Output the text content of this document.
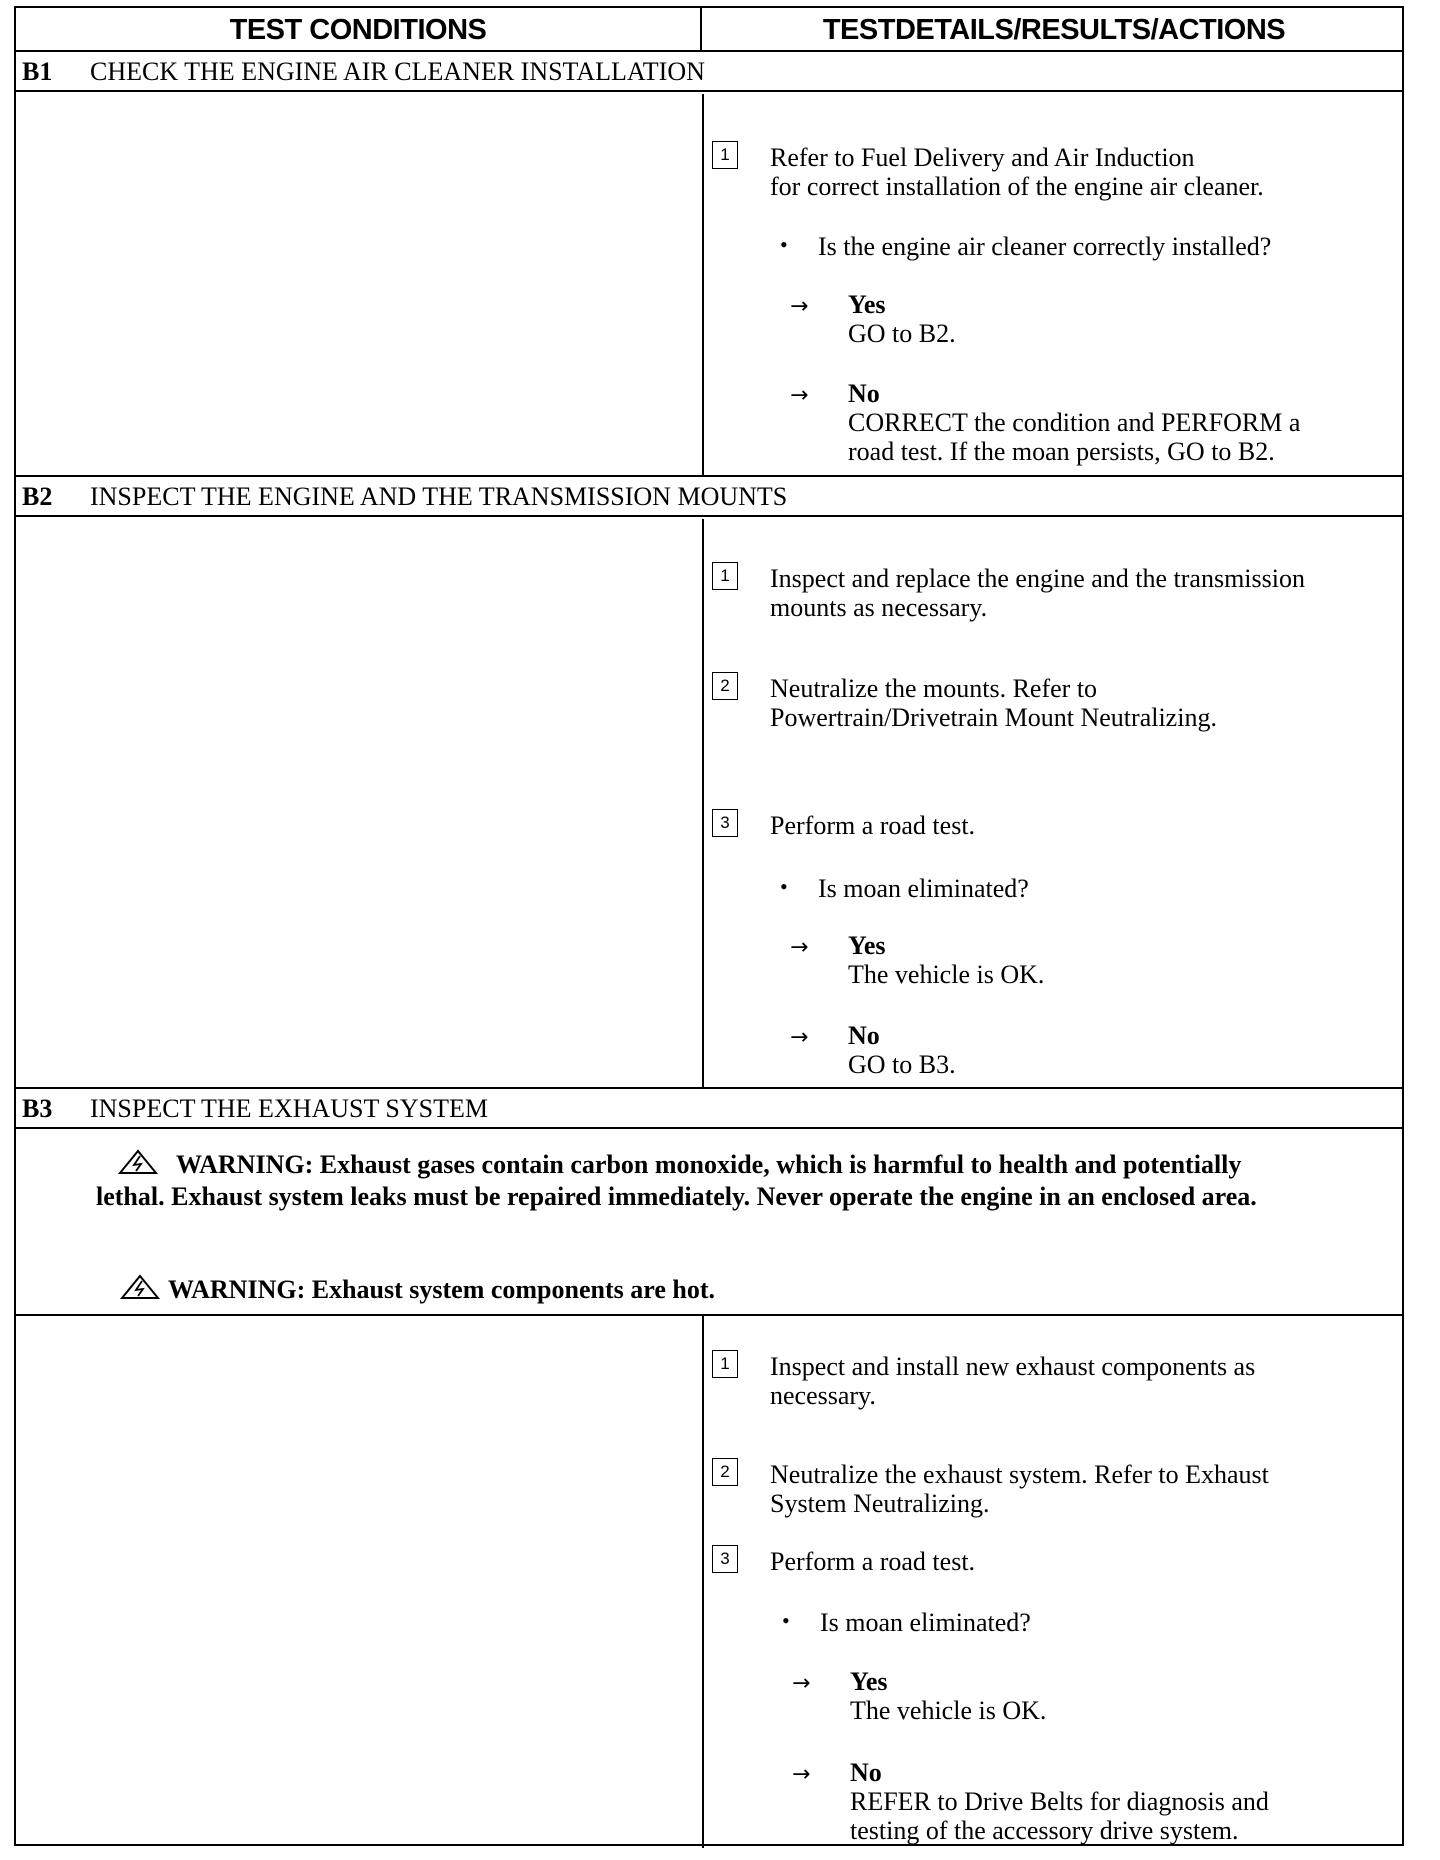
TEST CONDITIONS	TESTDETAILS/RESULTS/ACTIONS
B1 CHECK THE ENGINE AIR CLEANER INSTALLATION
1	Refer to Fuel Delivery and Air Induction
for correct installation of the engine air cleaner.
• Is the engine air cleaner correctly installed?
→ Yes
GO to B2.
→ No
CORRECT the condition and PERFORM a
road test. If the moan persists, GO to B2.
B2 INSPECT THE ENGINE AND THE TRANSMISSION MOUNTS
1	Inspect and replace the engine and the transmission
mounts as necessary.
2	Neutralize the mounts. Refer to
Powertrain/Drivetrain Mount Neutralizing.
3	Perform a road test.
• Is moan eliminated?
→ Yes
The vehicle is OK.
→ No
GO to B3.
B3 INSPECT THE EXHAUST SYSTEM
WARNING: Exhaust gases contain carbon monoxide, which is harmful to health and potentially lethal. Exhaust system leaks must be repaired immediately. Never operate the engine in an enclosed area.
WARNING: Exhaust system components are hot.
1	Inspect and install new exhaust components as
necessary.
2	Neutralize the exhaust system. Refer to Exhaust
System Neutralizing.
3	Perform a road test.
• Is moan eliminated?
→ Yes
The vehicle is OK.
→ No
REFER to Drive Belts for diagnosis and
testing of the accessory drive system.
